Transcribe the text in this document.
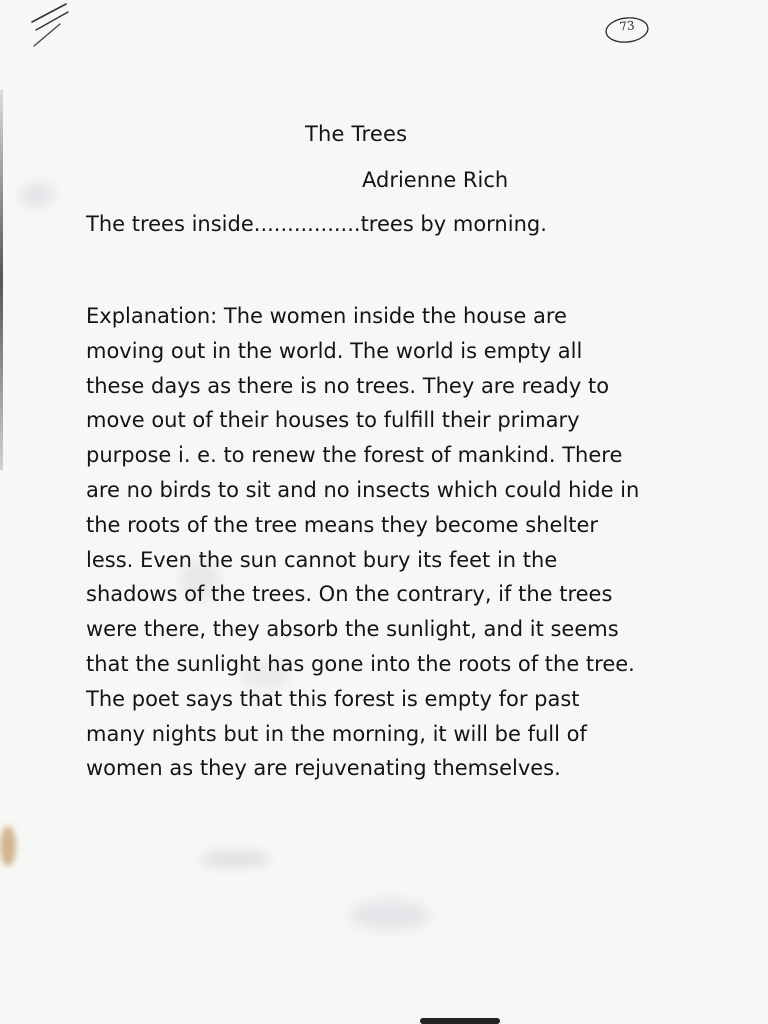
73
The Trees
Adrienne Rich
The trees inside................trees by morning.

Explanation: The women inside the house are
moving out in the world. The world is empty all
these days as there is no trees. They are ready to
move out of their houses to fulfill their primary
purpose i. e. to renew the forest of mankind. There
are no birds to sit and no insects which could hide in
the roots of the tree means they become shelter
less. Even the sun cannot bury its feet in the
shadows of the trees. On the contrary, if the trees
were there, they absorb the sunlight, and it seems
that the sunlight has gone into the roots of the tree.
The poet says that this forest is empty for past
many nights but in the morning, it will be full of
women as they are rejuvenating themselves.
